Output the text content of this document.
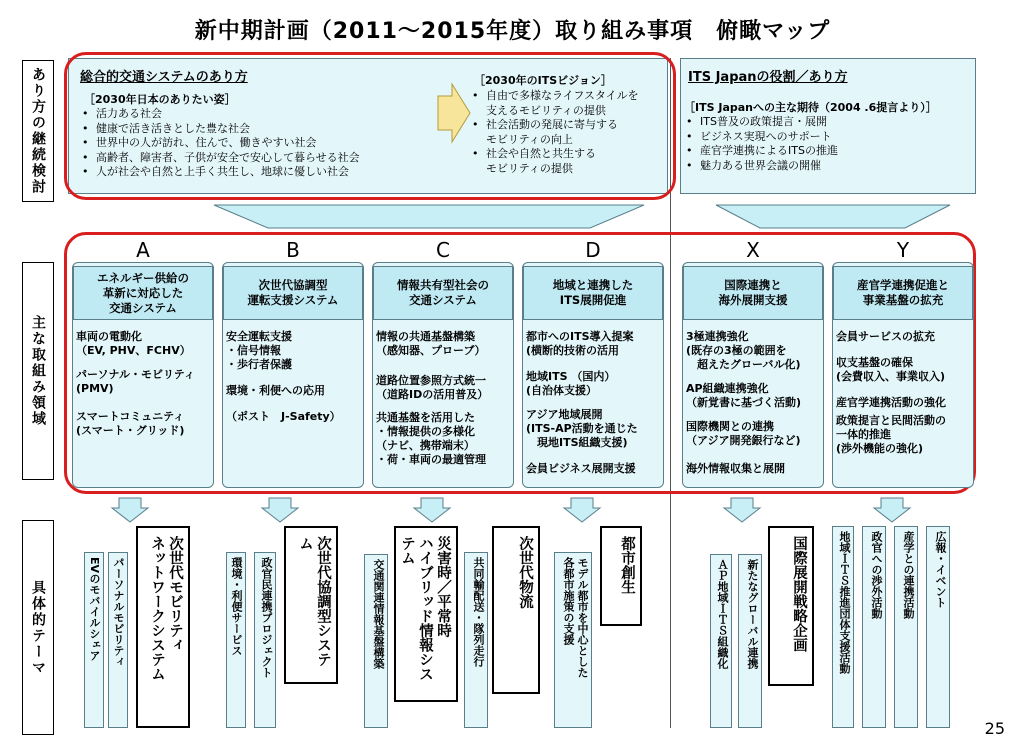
新中期計画（2011～2015年度）取り組み事項　俯瞰マップ
あり方の継続検討
主な取組み領域
具体的テーマ
総合的交通システムのあり方
［2030年日本のありたい姿］
• 活力ある社会
• 健康で活き活きとした豊な社会
• 世界中の人が訪れ、住んで、働きやすい社会
• 高齢者、障害者、子供が安全で安心して暮らせる社会
• 人が社会や自然と上手く共生し、地球に優しい社会
［2030年のITSビジョン］
• 自由で多様なライフスタイルを
支えるモビリティの提供
• 社会活動の発展に寄与する
モビリティの向上
• 社会や自然と共生する
モビリティの提供
ITS Japanの役割／あり方
［ITS Japanへの主な期待（2004 .6提言より）］
• ITS普及の政策提言・展開
• ビジネス実現へのサポート
• 産官学連携によるITSの推進
• 魅力ある世界会議の開催
A
エネルギー供給の
革新に対応した
交通システム
車両の電動化
（EV, PHV、FCHV）
パーソナル・モビリティ
(PMV)
スマートコミュニティ
(スマート・グリッド)
B
次世代協調型
運転支援システム
安全運転支援
・信号情報
・歩行者保護
環境・利便への応用
（ポスト　J-Safety）
C
情報共有型社会の
交通システム
情報の共通基盤構築
（感知器、プローブ）
道路位置参照方式統一
（道路IDの活用普及）
共通基盤を活用した
・情報提供の多様化
（ナビ、携帯端末）
・荷・車両の最適管理
D
地域と連携した
ITS展開促進
都市へのITS導入提案
(横断的技術の活用
地域ITS （国内）
(自治体支援）
アジア地域展開
(ITS-AP活動を通じた
　現地ITS組織支援)
会員ビジネス展開支援
X
国際連携と
海外展開支援
3極連携強化
(既存の3極の範囲を
　超えたグローバル化)
AP組織連携強化
（新覚書に基づく活動)
国際機関との連携
（アジア開発銀行など)
海外情報収集と展開
Y
産官学連携促進と
事業基盤の拡充
会員サービスの拡充
収支基盤の確保
(会費収入、事業収入)
産官学連携活動の強化
政策提言と民間活動の
一体的推進
(渉外機能の強化)
EVのモバイルシェア	パーソナルモビリティ	次世代モビリティ
ネットワークシステム	環境・利便サービス	政官民連携プロジェクト	次世代協調型システム
交通関連情報基盤構築	災害時／平常時
ハイブリッド情報システム
共同輸配送・隊列走行	次世代物流	モデル都市を中心とした
各都市施策の支援	都市創生	ＡＰ地域ＩＴＳ組織化	新たなグローバル連携	国際展開戦略企画	地域ＩＴＳ推進団体支援活動	政官への渉外活動	産学との連携活動	広報・イベント
25
